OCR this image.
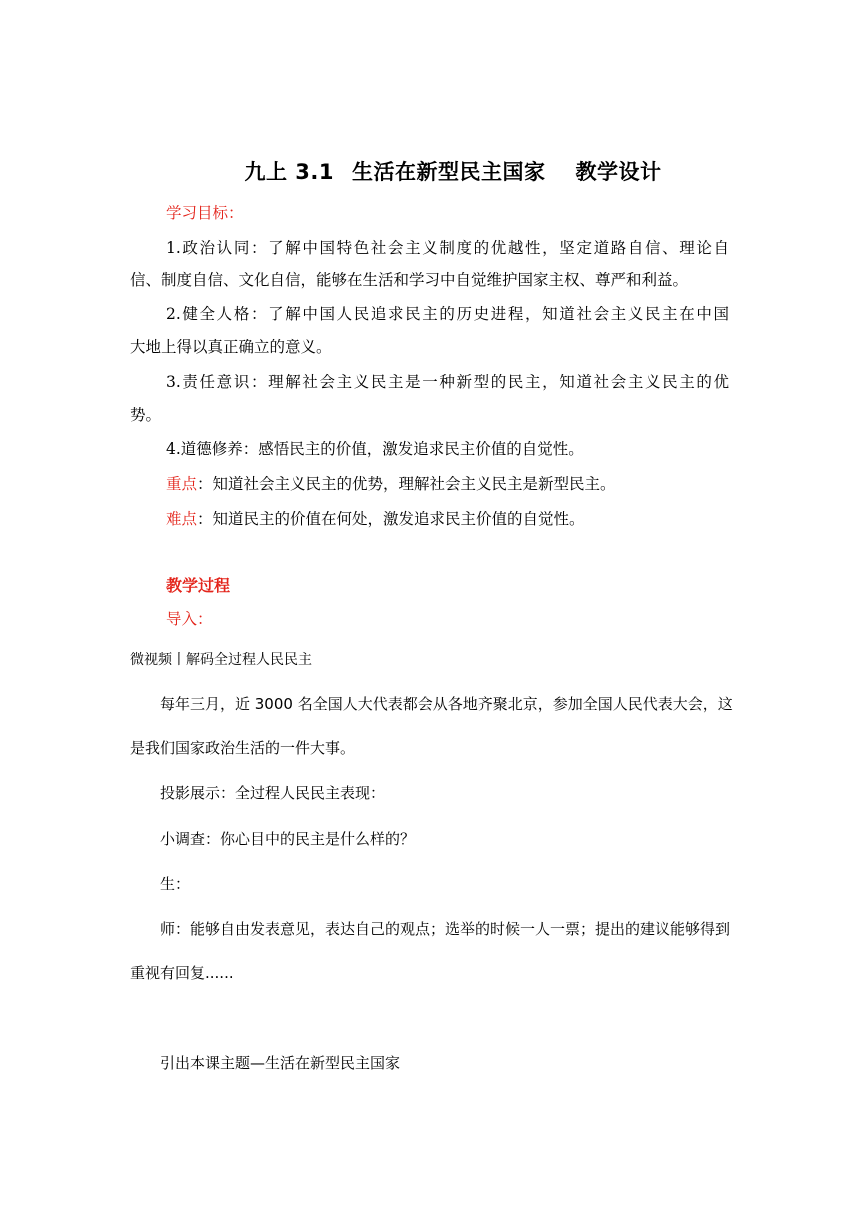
九上 3.1 生活在新型民主国家 教学设计
学习目标：
1.政治认同：了解中国特色社会主义制度的优越性，坚定道路自信、理论自
信、制度自信、文化自信，能够在生活和学习中自觉维护国家主权、尊严和利益。
2.健全人格：了解中国人民追求民主的历史进程，知道社会主义民主在中国
大地上得以真正确立的意义。
3.责任意识：理解社会主义民主是一种新型的民主，知道社会主义民主的优
势。
4.道德修养：感悟民主的价值，激发追求民主价值的自觉性。
重点：知道社会主义民主的优势，理解社会主义民主是新型民主。
难点：知道民主的价值在何处，激发追求民主价值的自觉性。
教学过程
导入：
微视频丨解码全过程人民民主
每年三月，近 3000 名全国人大代表都会从各地齐聚北京，参加全国人民代表大会，这
是我们国家政治生活的一件大事。
投影展示：全过程人民民主表现：
小调查：你心目中的民主是什么样的？
生：
师：能够自由发表意见，表达自己的观点；选举的时候一人一票；提出的建议能够得到
重视有回复......
引出本课主题—生活在新型民主国家
